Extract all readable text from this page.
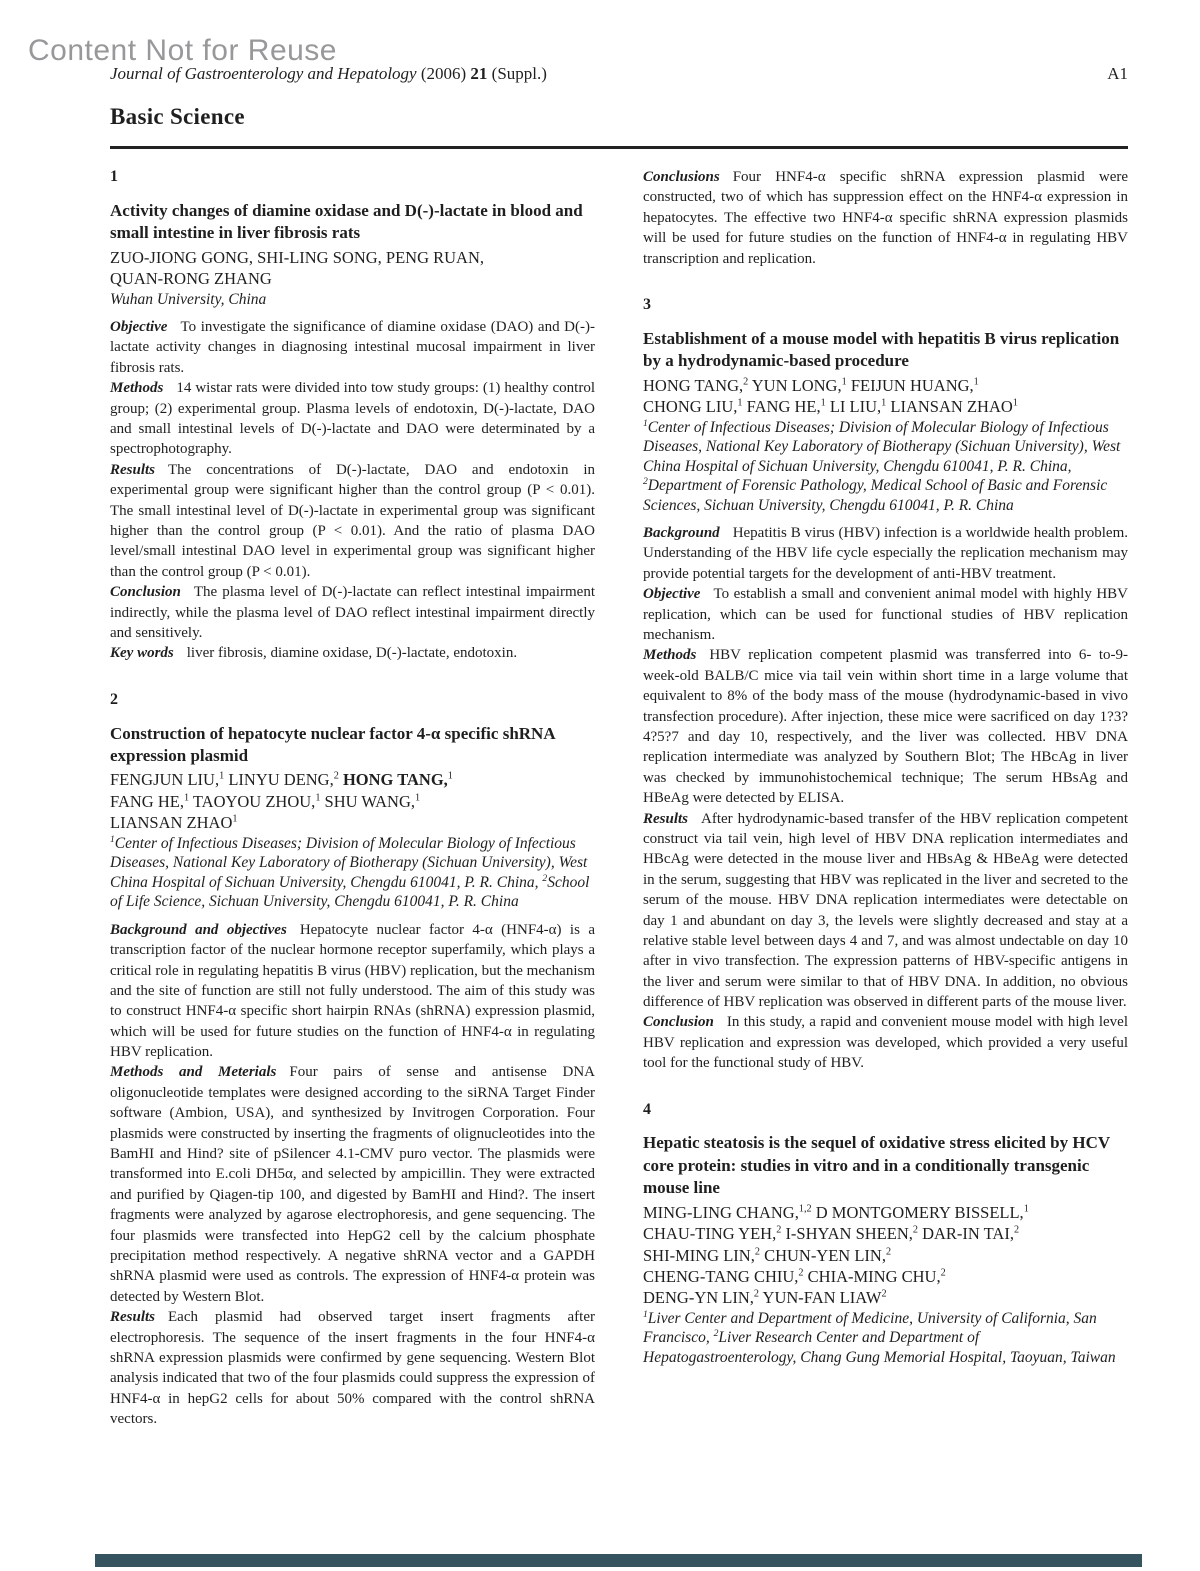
Content Not for Reuse
Journal of Gastroenterology and Hepatology (2006) 21 (Suppl.)	A1
Basic Science
1
Activity changes of diamine oxidase and D(-)-lactate in blood and small intestine in liver fibrosis rats
ZUO-JIONG GONG, SHI-LING SONG, PENG RUAN,
QUAN-RONG ZHANG
Wuhan University, China

Objective To investigate the significance of diamine oxidase (DAO) and D(-)-lactate activity changes in diagnosing intestinal mucosal impairment in liver fibrosis rats.

Methods 14 wistar rats were divided into tow study groups: (1) healthy control group; (2) experimental group. Plasma levels of endotoxin, D(-)-lactate, DAO and small intestinal levels of D(-)-lactate and DAO were determinated by a spectrophotography.

Results The concentrations of D(-)-lactate, DAO and endotoxin in experimental group were significant higher than the control group (P < 0.01). The small intestinal level of D(-)-lactate in experimental group was significant higher than the control group (P < 0.01). And the ratio of plasma DAO level/small intestinal DAO level in experimental group was significant higher than the control group (P < 0.01).

Conclusion The plasma level of D(-)-lactate can reflect intestinal impairment indirectly, while the plasma level of DAO reflect intestinal impairment directly and sensitively.

Key words liver fibrosis, diamine oxidase, D(-)-lactate, endotoxin.

2
Construction of hepatocyte nuclear factor 4-α specific shRNA expression plasmid
FENGJUN LIU,$^1$ LINYU DENG,$^2$ HONG TANG,$^1$
FANG HE,$^1$ TAOYOU ZHOU,$^1$ SHU WANG,$^1$
LIANSAN ZHAO$^1$
$^1$Center of Infectious Diseases; Division of Molecular Biology of Infectious Diseases, National Key Laboratory of Biotherapy (Sichuan University), West China Hospital of Sichuan University, Chengdu 610041, P. R. China, $^2$School of Life Science, Sichuan University, Chengdu 610041, P. R. China

Background and objectives Hepatocyte nuclear factor 4-α (HNF4-α) is a transcription factor of the nuclear hormone receptor superfamily, which plays a critical role in regulating hepatitis B virus (HBV) replication, but the mechanism and the site of function are still not fully understood. The aim of this study was to construct HNF4-α specific short hairpin RNAs (shRNA) expression plasmid, which will be used for future studies on the function of HNF4-α in regulating HBV replication.

Methods and Meterials Four pairs of sense and antisense DNA oligonucleotide templates were designed according to the siRNA Target Finder software (Ambion, USA), and synthesized by Invitrogen Corporation. Four plasmids were constructed by inserting the fragments of olignucleotides into the BamHI and Hind? site of pSilencer 4.1-CMV puro vector. The plasmids were transformed into E.coli DH5α, and selected by ampicillin. They were extracted and purified by Qiagen-tip 100, and digested by BamHI and Hind?. The insert fragments were analyzed by agarose electrophoresis, and gene sequencing. The four plasmids were transfected into HepG2 cell by the calcium phosphate precipitation method respectively. A negative shRNA vector and a GAPDH shRNA plasmid were used as controls. The expression of HNF4-α protein was detected by Western Blot.

Results Each plasmid had observed target insert fragments after electrophoresis. The sequence of the insert fragments in the four HNF4-α shRNA expression plasmids were confirmed by gene sequencing. Western Blot analysis indicated that two of the four plasmids could suppress the expression of HNF4-α in hepG2 cells for about 50% compared with the control shRNA vectors.

Conclusions Four HNF4-α specific shRNA expression plasmid were constructed, two of which has suppression effect on the HNF4-α expression in hepatocytes. The effective two HNF4-α specific shRNA expression plasmids will be used for future studies on the function of HNF4-α in regulating HBV transcription and replication.

3
Establishment of a mouse model with hepatitis B virus replication by a hydrodynamic-based procedure
HONG TANG,$^2$ YUN LONG,$^1$ FEIJUN HUANG,$^1$
CHONG LIU,$^1$ FANG HE,$^1$ LI LIU,$^1$ LIANSAN ZHAO$^1$
$^1$Center of Infectious Diseases; Division of Molecular Biology of Infectious Diseases, National Key Laboratory of Biotherapy (Sichuan University), West China Hospital of Sichuan University, Chengdu 610041, P. R. China, $^2$Department of Forensic Pathology, Medical School of Basic and Forensic Sciences, Sichuan University, Chengdu 610041, P. R. China

Background Hepatitis B virus (HBV) infection is a worldwide health problem. Understanding of the HBV life cycle especially the replication mechanism may provide potential targets for the development of anti-HBV treatment.

Objective To establish a small and convenient animal model with highly HBV replication, which can be used for functional studies of HBV replication mechanism.

Methods HBV replication competent plasmid was transferred into 6- to-9-week-old BALB/C mice via tail vein within short time in a large volume that equivalent to 8% of the body mass of the mouse (hydrodynamic-based in vivo transfection procedure). After injection, these mice were sacrificed on day 1?3?4?5?7 and day 10, respectively, and the liver was collected. HBV DNA replication intermediate was analyzed by Southern Blot; The HBcAg in liver was checked by immunohistochemical technique; The serum HBsAg and HBeAg were detected by ELISA.

Results After hydrodynamic-based transfer of the HBV replication competent construct via tail vein, high level of HBV DNA replication intermediates and HBcAg were detected in the mouse liver and HBsAg & HBeAg were detected in the serum, suggesting that HBV was replicated in the liver and secreted to the serum of the mouse. HBV DNA replication intermediates were detectable on day 1 and abundant on day 3, the levels were slightly decreased and stay at a relative stable level between days 4 and 7, and was almost undectable on day 10 after in vivo transfection. The expression patterns of HBV-specific antigens in the liver and serum were similar to that of HBV DNA. In addition, no obvious difference of HBV replication was observed in different parts of the mouse liver.

Conclusion In this study, a rapid and convenient mouse model with high level HBV replication and expression was developed, which provided a very useful tool for the functional study of HBV.

4
Hepatic steatosis is the sequel of oxidative stress elicited by HCV core protein: studies in vitro and in a conditionally transgenic mouse line
MING-LING CHANG,$^{1,2}$ D MONTGOMERY BISSELL,$^1$
CHAU-TING YEH,$^2$ I-SHYAN SHEEN,$^2$ DAR-IN TAI,$^2$
SHI-MING LIN,$^2$ CHUN-YEN LIN,$^2$
CHENG-TANG CHIU,$^2$ CHIA-MING CHU,$^2$
DENG-YN LIN,$^2$ YUN-FAN LIAW$^2$
$^1$Liver Center and Department of Medicine, University of California, San Francisco, $^2$Liver Research Center and Department of Hepatogastroenterology, Chang Gung Memorial Hospital, Taoyuan, Taiwan
